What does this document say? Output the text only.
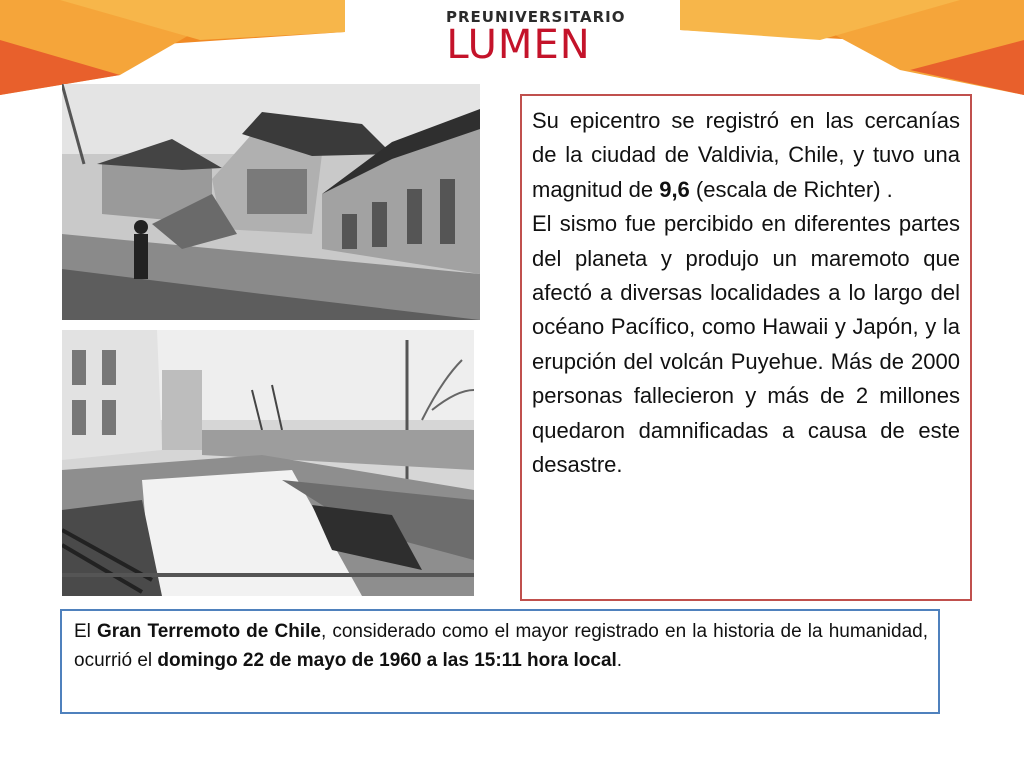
PREUNIVERSITARIO
LUMEN

Su epicentro se registró en las cercanías de la ciudad de Valdivia, Chile, y tuvo una magnitud de 9,6 (escala de Richter) .

El sismo fue percibido en diferentes partes del planeta y produjo un maremoto que afectó a diversas localidades a lo largo del océano Pacífico, como Hawaii y Japón, y la erupción del volcán Puyehue. Más de 2000 personas fallecieron y más de 2 millones quedaron damnificadas a causa de este desastre.

El Gran Terremoto de Chile, considerado como el mayor registrado en la historia de la humanidad, ocurrió el domingo 22 de mayo de 1960 a las 15:11 hora local.
